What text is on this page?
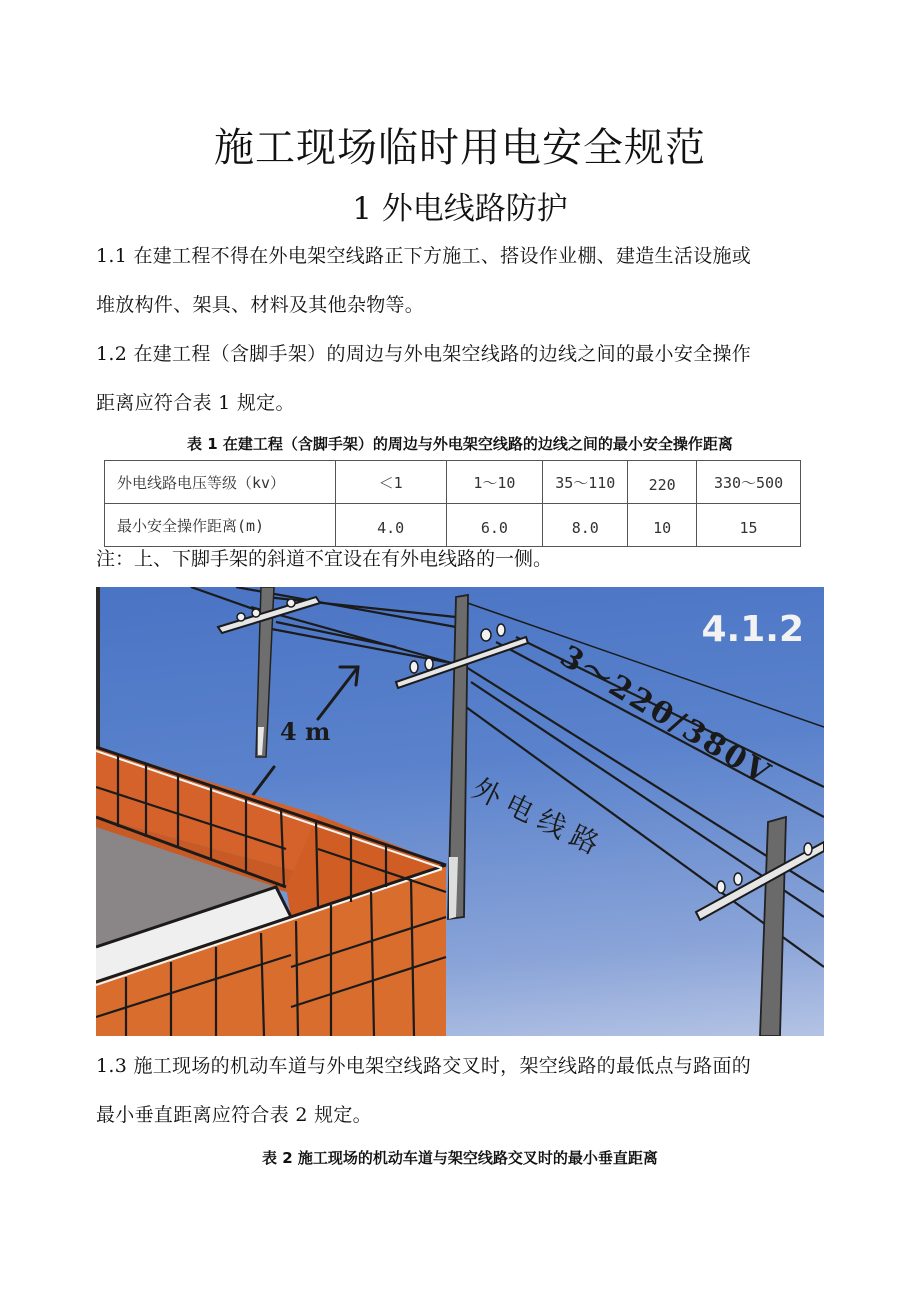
施工现场临时用电安全规范
1 外电线路防护
1.1 在建工程不得在外电架空线路正下方施工、搭设作业棚、建造生活设施或
堆放构件、架具、材料及其他杂物等。
1.2 在建工程（含脚手架）的周边与外电架空线路的边线之间的最小安全操作
距离应符合表 1 规定。
表 1 在建工程（含脚手架）的周边与外电架空线路的边线之间的最小安全操作距离
外电线路电压等级（kv）	＜1	1～10	35～110	220	330～500
最小安全操作距离(m)	4.0	6.0	8.0	10	15
注：上、下脚手架的斜道不宜设在有外电线路的一侧。
4.1.2
4 m	3～220/380V
外电线路
1.3 施工现场的机动车道与外电架空线路交叉时，架空线路的最低点与路面的
最小垂直距离应符合表 2 规定。
表 2 施工现场的机动车道与架空线路交叉时的最小垂直距离
